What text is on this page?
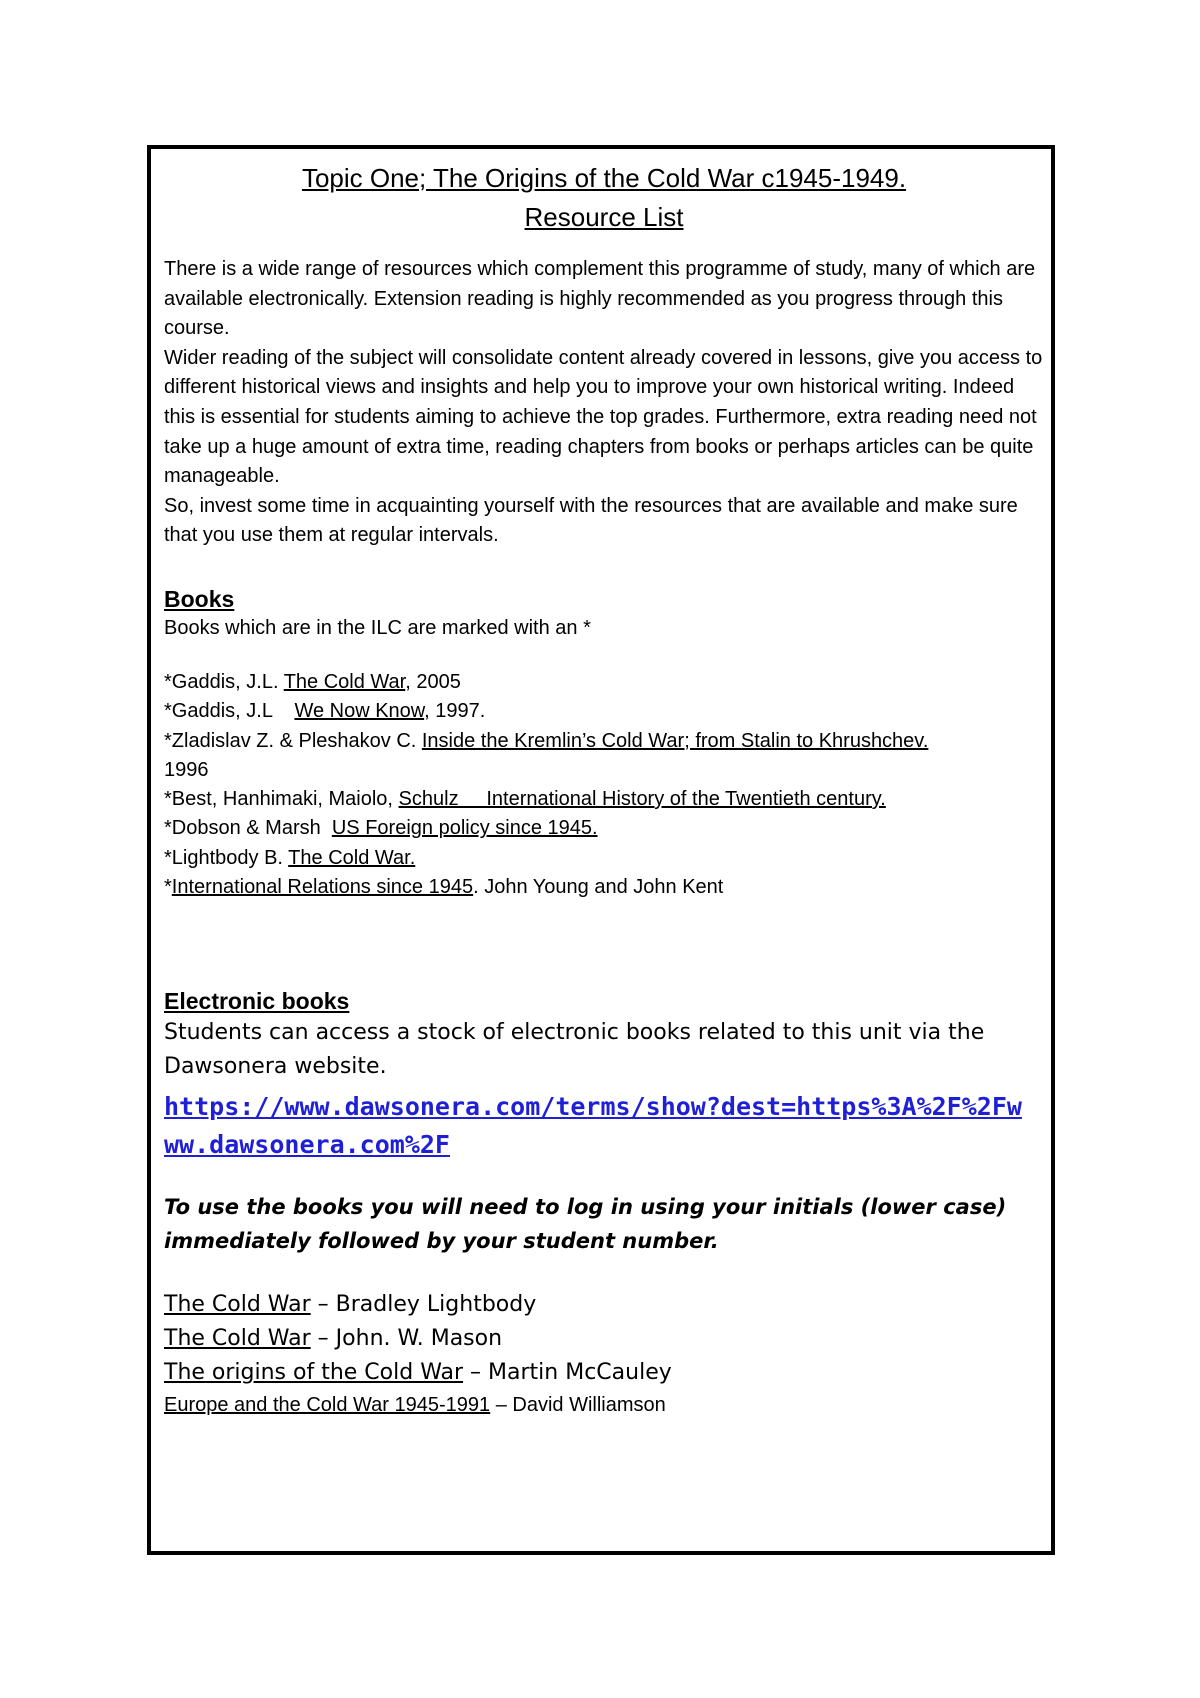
Topic One; The Origins of the Cold War c1945-1949.
Resource List

There is a wide range of resources which complement this programme of study, many of which are available electronically. Extension reading is highly recommended as you progress through this course.

Wider reading of the subject will consolidate content already covered in lessons, give you access to different historical views and insights and help you to improve your own historical writing. Indeed this is essential for students aiming to achieve the top grades. Furthermore, extra reading need not take up a huge amount of extra time, reading chapters from books or perhaps articles can be quite manageable.

So, invest some time in acquainting yourself with the resources that are available and make sure that you use them at regular intervals.

Books
Books which are in the ILC are marked with an *
*Gaddis, J.L. The Cold War, 2005
*Gaddis, J.L    We Now Know, 1997.
*Zladislav Z. & Pleshakov C. Inside the Kremlin’s Cold War; from Stalin to Khrushchev.
1996
*Best, Hanhimaki, Maiolo, Schulz     International History of the Twentieth century.
*Dobson & Marsh  US Foreign policy since 1945.
*Lightbody B. The Cold War.
*International Relations since 1945. John Young and John Kent
Electronic books
Students can access a stock of electronic books related to this unit via the Dawsonera website.
https://www.dawsonera.com/terms/show?dest=https%3A%2F%2Fwww.dawsonera.com%2F
To use the books you will need to log in using your initials (lower case) immediately followed by your student number.
The Cold War – Bradley Lightbody
The Cold War – John. W. Mason
The origins of the Cold War – Martin McCauley
Europe and the Cold War 1945-1991 – David Williamson
